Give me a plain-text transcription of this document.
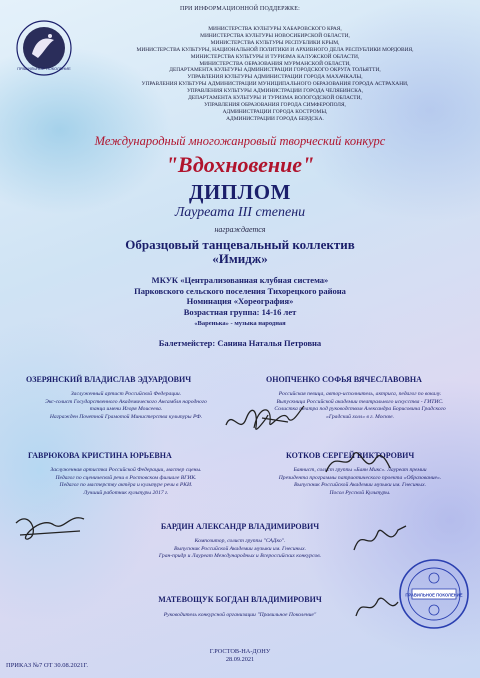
ПРАВИЛЬНОЕ ПОКОЛЕНИЕ
ПРИ ИНФОРМАЦИОННОЙ ПОДДЕРЖКЕ:
МИНИСТЕРСТВА КУЛЬТУРЫ ХАБАРОВСКОГО КРАЯ,
МИНИСТЕРСТВА КУЛЬТУРЫ НОВОСИБИРСКОЙ ОБЛАСТИ,
МИНИСТЕРСТВА КУЛЬТУРЫ РЕСПУБЛИКИ КРЫМ,
МИНИСТЕРСТВА КУЛЬТУРЫ, НАЦИОНАЛЬНОЙ ПОЛИТИКИ И АРХИВНОГО ДЕЛА РЕСПУБЛИКИ МОРДОВИЯ,
МИНИСТЕРСТВА КУЛЬТУРЫ И ТУРИЗМА КАЛУЖСКОЙ ОБЛАСТИ,
МИНИСТЕРСТВА ОБРАЗОВАНИЯ МУРМАНСКОЙ ОБЛАСТИ,
ДЕПАРТАМЕНТА КУЛЬТУРЫ АДМИНИСТРАЦИИ ГОРОДСКОГО ОКРУГА ТОЛЬЯТТИ,
УПРАВЛЕНИЯ КУЛЬТУРЫ АДМИНИСТРАЦИИ ГОРОДА МАХАЧКАЛЫ,
УПРАВЛЕНИЯ КУЛЬТУРЫ АДМИНИСТРАЦИИ МУНИЦИПАЛЬНОГО ОБРАЗОВАНИЯ ГОРОДА АСТРАХАНИ,
УПРАВЛЕНИЯ КУЛЬТУРЫ АДМИНИСТРАЦИИ ГОРОДА ЧЕЛЯБИНСКА,
ДЕПАРТАМЕНТА КУЛЬТУРЫ И ТУРИЗМА ВОЛОГОДСКОЙ ОБЛАСТИ,
УПРАВЛЕНИЯ ОБРАЗОВАНИЯ ГОРОДА СИМФЕРОПОЛЯ,
АДМИНИСТРАЦИИ ГОРОДА КОСТРОМЫ,
АДМИНИСТРАЦИИ ГОРОДА БЕРДСКА.
Международный многожанровый творческий конкурс
"Вдохновение"
ДИПЛОМ
Лауреата III степени
награждается
Образцовый танцевальный коллектив
«Имидж»
МКУК «Централизованная клубная система»
Парковского сельского поселения Тихорецкого района
Номинация «Хореография»
Возрастная группа: 14-16 лет
«Варенька» - музыка народная
Балетмейстер: Санина Наталья Петровна
ОЗЕРЯНСКИЙ ВЛАДИСЛАВ ЭДУАРДОВИЧ
Заслуженный артист Российской Федерации.
Экс-солист Государственного Академического Ансамбля народного
танца имени Игоря Моисеева.
Награжден Почетной Грамотой Министерства культуры РФ.
ОНОПЧЕНКО СОФЬЯ ВЯЧЕСЛАВОВНА
Российская певица, автор-исполнитель, актриса, педагог по вокалу.
Выпускница Российской академии театрального искусства - ГИТИС.
Солистка театра под руководством Александра Борисовича Градского
«Градский холл» в г. Москве.
ГАВРЮКОВА КРИСТИНА ЮРЬЕВНА
Заслуженная артистка Российской Федерации, мастер сцены.
Педагог по сценической речи в Ростовском филиале ВГИК.
Педагог по мастерству актёра и культуре речи в РКИ.
Лучший работник культуры 2017 г.
КОТКОВ СЕРГЕЙ ВИКТОРОВИЧ
Баянист, солист группы «Баян Микс». Лауреат премии
Президента программы патриотического проекта «Образование».
Выпускник Российской Академии музыки им. Гнесиных.
Посол Русской Культуры.
БАРДИН АЛЕКСАНДР ВЛАДИМИРОВИЧ
Композитор, солист группы "САДко".
Выпускник Российской Академии музыки им. Гнесиных.
Гран-придр и Лауреат Международных и Всероссийских конкурсов.
МАТЕВОЩУК БОГДАН ВЛАДИМИРОВИЧ
Руководитель конкурсной организации "Правильное Поколение"
ПРАВИЛЬНОЕ ПОКОЛЕНИЕ
Г.РОСТОВ-НА-ДОНУ
28.09.2021
ПРИКАЗ №7 ОТ 30.08.2021Г.
